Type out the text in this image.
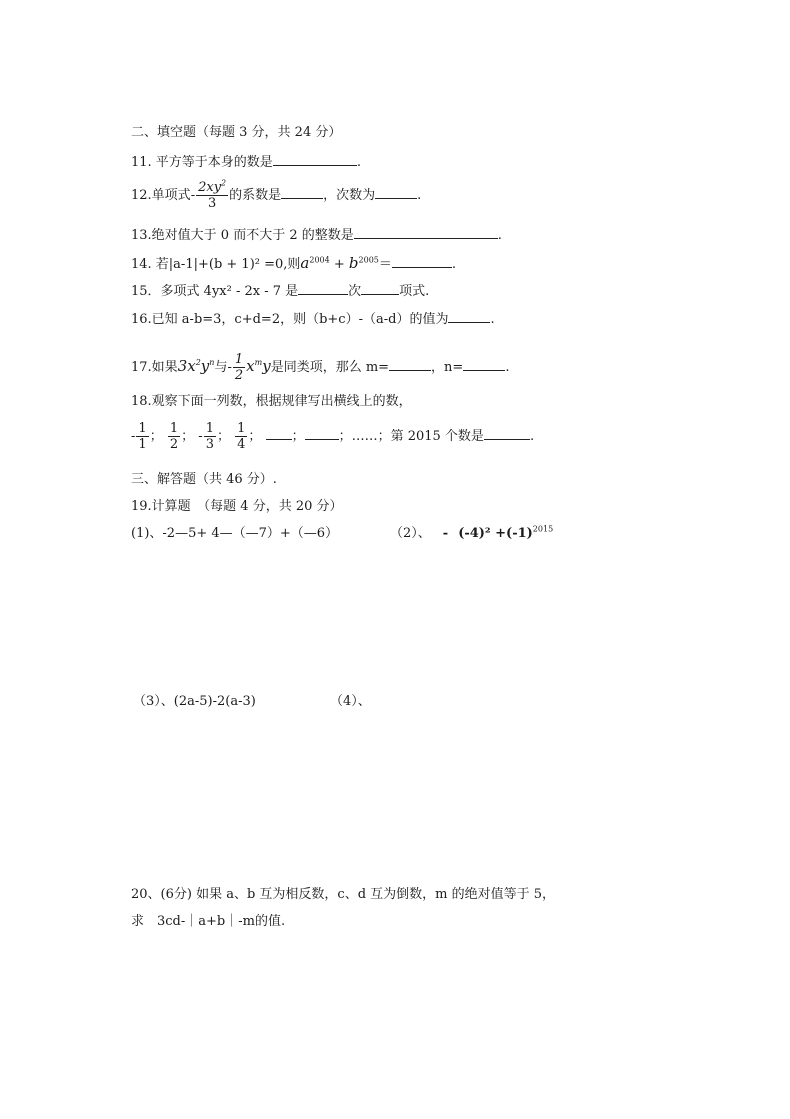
二、填空题（每题 3 分，共 24 分）
11. 平方等于本身的数是	.
12.单项式- $\frac{2xy^2}{3}$ 的系数是	，次数为	.
13.绝对值大于 0 而不大于 2 的整数是	.
14. 若|a-1|+(b + 1)² =0,则$a^{2004} + b^{2005}=$	.
15．多项式 4yx² - 2x - 7 是	次	项式.
16.已知 a-b=3，c+d=2，则（b+c）-（a-d）的值为	.
17.如果$3x^2y^n$与- $\frac{1}{2} x^my$是同类项，那么 m=	，n=	.
18.观察下面一列数，根据规律写出横线上的数，
- $\frac{1}{1}$ ； $\frac{1}{2}$ ； - $\frac{1}{3}$ ； $\frac{1}{4}$ ； ；	；……；第 2015 个数是	.
三、解答题（共 46 分）.
19.计算题　（每题 4 分，共 20 分）
(1)、-2—5+ 4—（—7）+（—6）	（2）、 - $(-4)^2 +(-1)^{2015}$
（3）、(2a-5)-2(a-3)	（4）、
20、(6分) 如果 a、b 互为相反数，c、d 互为倒数，m 的绝对值等于 5，
求　3cd-｜a+b｜-m的值.
